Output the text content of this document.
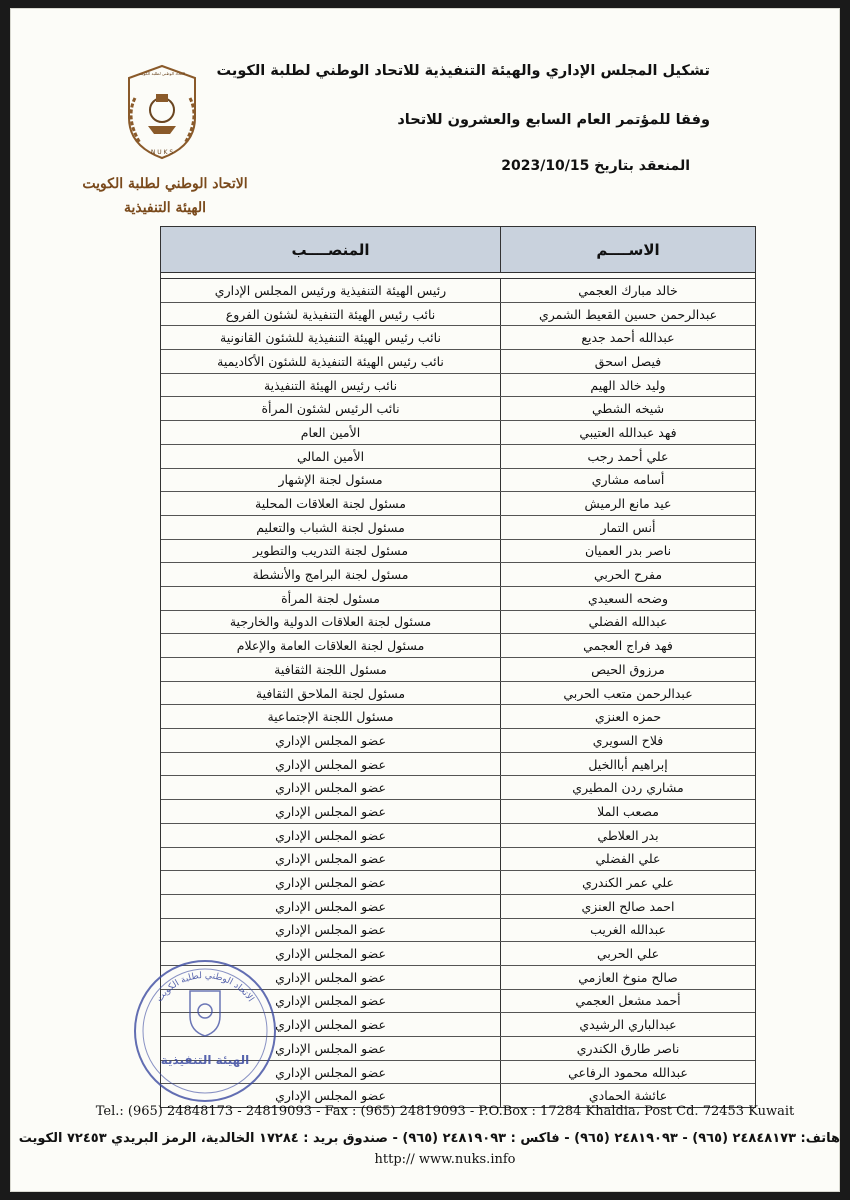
N U K S
الاتحاد الوطني لطلبة الكويت
الاتحاد الوطني لطلبة الكويت
الهيئة التنفيذية
تشكيل المجلس الإداري والهيئة التنفيذية للاتحاد الوطني لطلبة الكويت
وفقا للمؤتمر العام السابع والعشرون للاتحاد
المنعقد بتاريخ 2023/10/15
الاســــم
المنصــــب
خالد مبارك العجمي
رئيس الهيئة التنفيذية ورئيس المجلس الإداري
عبدالرحمن حسين القعيط الشمري
نائب رئيس الهيئة التنفيذية لشئون الفروع
عبدالله أحمد جديع
نائب رئيس الهيئة التنفيذية للشئون القانونية
فيصل اسحق
نائب رئيس الهيئة التنفيذية للشئون الأكاديمية
وليد خالد الهيم
نائب رئيس الهيئة التنفيذية
شيخه الشطي
نائب الرئيس لشئون المرأة
فهد عبدالله العتيبي
الأمين العام
علي أحمد رجب
الأمين المالي
أسامه مشاري
مسئول لجنة الإشهار
عيد مانع الرميش
مسئول لجنة العلاقات المحلية
أنس التمار
مسئول لجنة الشباب والتعليم
ناصر بدر العميان
مسئول لجنة التدريب والتطوير
مفرح الحربي
مسئول لجنة البرامج والأنشطة
وضحه السعيدي
مسئول لجنة المرأة
عبدالله الفضلي
مسئول لجنة العلاقات الدولية والخارجية
فهد فراج العجمي
مسئول لجنة العلاقات العامة والإعلام
مرزوق الحيص
مسئول اللجنة الثقافية
عبدالرحمن متعب الحربي
مسئول لجنة الملاحق الثقافية
حمزه العنزي
مسئول اللجنة الإجتماعية
فلاح السويري
عضو المجلس الإداري
إبراهيم أباالخيل
عضو المجلس الإداري
مشاري ردن المطيري
عضو المجلس الإداري
مصعب الملا
عضو المجلس الإداري
بدر العلاطي
عضو المجلس الإداري
علي الفضلي
عضو المجلس الإداري
علي عمر الكندري
عضو المجلس الإداري
احمد صالح العنزي
عضو المجلس الإداري
عبدالله الغريب
عضو المجلس الإداري
علي الحربي
عضو المجلس الإداري
صالح منوخ العازمي
عضو المجلس الإداري
أحمد مشعل العجمي
عضو المجلس الإداري
عبدالباري الرشيدي
عضو المجلس الإداري
ناصر طارق الكندري
عضو المجلس الإداري
عبدالله محمود الرفاعي
عضو المجلس الإداري
عائشة الحمادي
عضو المجلس الإداري
الاتحاد الوطني لطلبة الكويت
الهيئة التنفيذية
Tel.: (965) 24848173 - 24819093 - Fax : (965) 24819093 - P.O.Box : 17284 Khaldia، Post Cd. 72453 Kuwait
هاتف: ٢٤٨٤٨١٧٣ (٩٦٥) - ٢٤٨١٩٠٩٣ (٩٦٥) - فاكس : ٢٤٨١٩٠٩٣ (٩٦٥) - صندوق بريد : ١٧٢٨٤ الخالدية، الرمز البريدي ٧٢٤٥٣ الكويت
http:// www.nuks.info
